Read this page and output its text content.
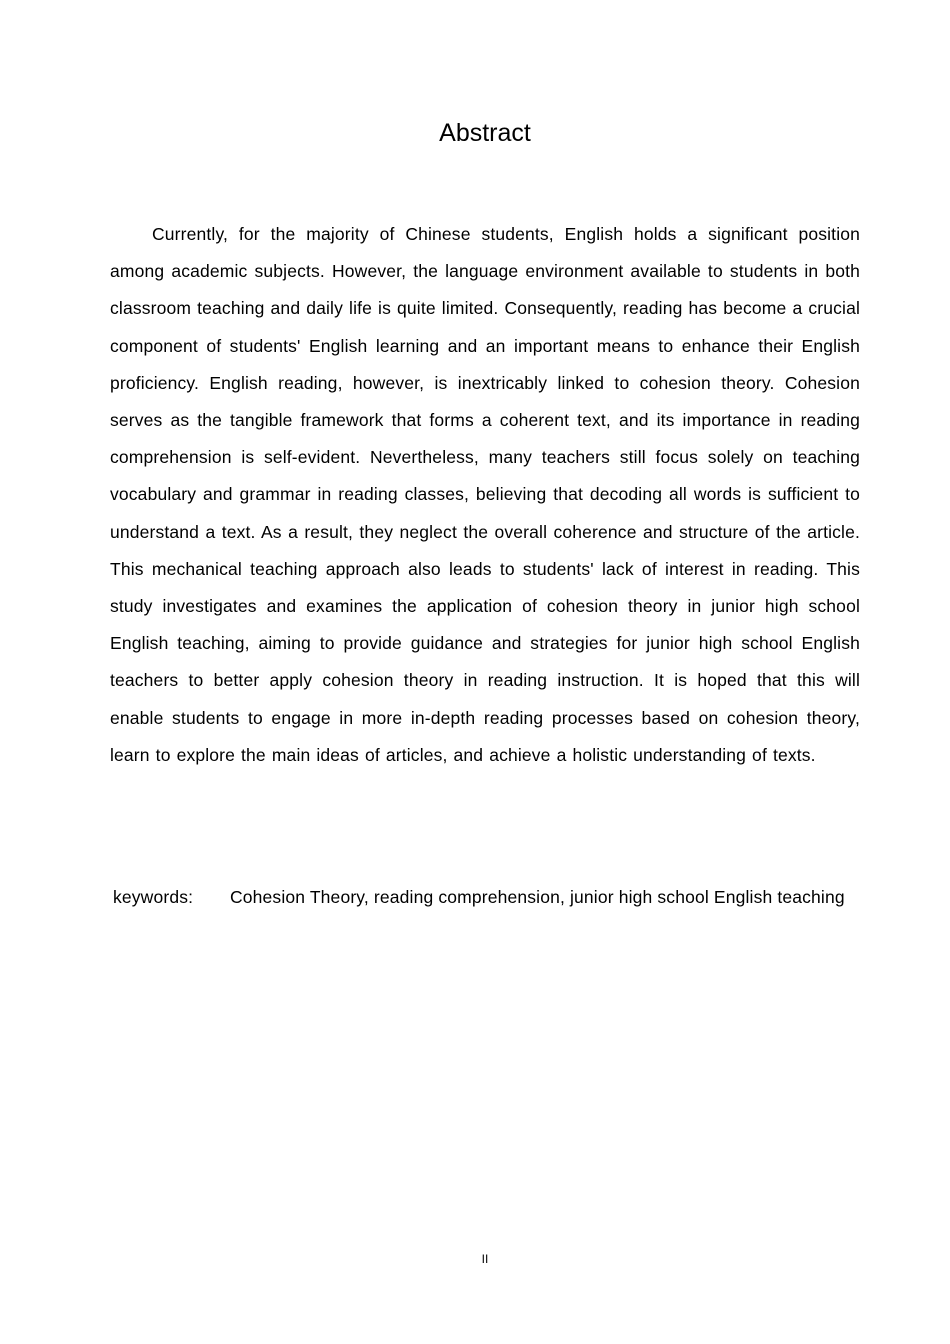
Abstract

Currently, for the majority of Chinese students, English holds a significant position among academic subjects. However, the language environment available to students in both classroom teaching and daily life is quite limited. Consequently, reading has become a crucial component of students' English learning and an important means to enhance their English proficiency. English reading, however, is inextricably linked to cohesion theory. Cohesion serves as the tangible framework that forms a coherent text, and its importance in reading comprehension is self-evident. Nevertheless, many teachers still focus solely on teaching vocabulary and grammar in reading classes, believing that decoding all words is sufficient to understand a text. As a result, they neglect the overall coherence and structure of the article. This mechanical teaching approach also leads to students' lack of interest in reading. This study investigates and examines the application of cohesion theory in junior high school English teaching, aiming to provide guidance and strategies for junior high school English teachers to better apply cohesion theory in reading instruction. It is hoped that this will enable students to engage in more in-depth reading processes based on cohesion theory, learn to explore the main ideas of articles, and achieve a holistic understanding of texts.

keywords: Cohesion Theory, reading comprehension, junior high school English teaching

II
